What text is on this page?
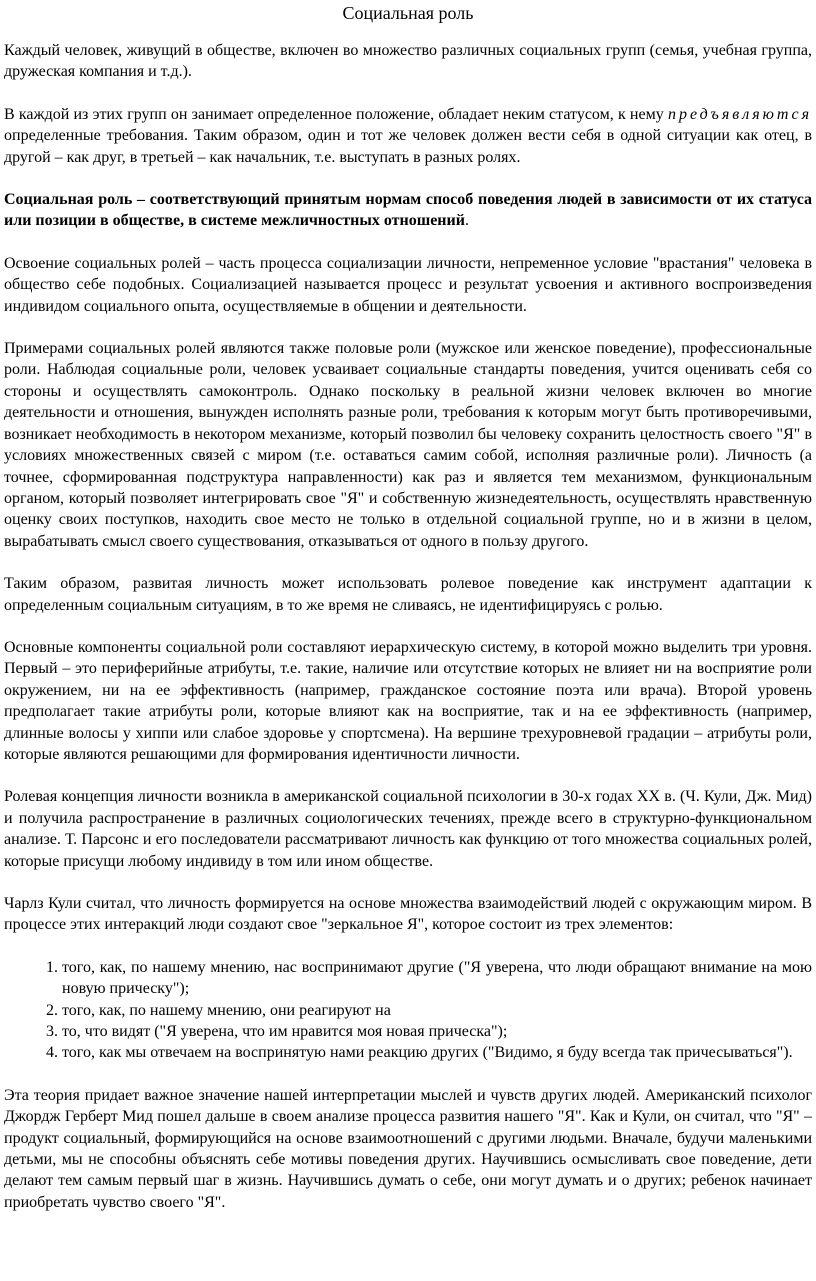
Социальная роль

Каждый человек, живущий в обществе, включен во множество различных социальных групп (семья, учебная группа, дружеская компания и т.д.).

В каждой из этих групп он занимает определенное положение, обладает неким статусом, к нему предъявляются определенные требования. Таким образом, один и тот же человек должен вести себя в одной ситуации как отец, в другой – как друг, в третьей – как начальник, т.е. выступать в разных ролях.

Социальная роль – соответствующий принятым нормам способ поведения людей в зависимости от их статуса или позиции в обществе, в системе межличностных отношений.

Освоение социальных ролей – часть процесса социализации личности, непременное условие "врастания" человека в общество себе подобных. Социализацией называется процесс и результат усвоения и активного воспроизведения индивидом социального опыта, осуществляемые в общении и деятельности.

Примерами социальных ролей являются также половые роли (мужское или женское поведение), профессиональные роли. Наблюдая социальные роли, человек усваивает социальные стандарты поведения, учится оценивать себя со стороны и осуществлять самоконтроль. Однако поскольку в реальной жизни человек включен во многие деятельности и отношения, вынужден исполнять разные роли, требования к которым могут быть противоречивыми, возникает необходимость в некотором механизме, который позволил бы человеку сохранить целостность своего "Я" в условиях множественных связей с миром (т.е. оставаться самим собой, исполняя различные роли). Личность (а точнее, сформированная подструктура направленности) как раз и является тем механизмом, функциональным органом, который позволяет интегрировать свое "Я" и собственную жизнедеятельность, осуществлять нравственную оценку своих поступков, находить свое место не только в отдельной социальной группе, но и в жизни в целом, вырабатывать смысл своего существования, отказываться от одного в пользу другого.

Таким образом, развитая личность может использовать ролевое поведение как инструмент адаптации к определенным социальным ситуациям, в то же время не сливаясь, не идентифицируясь с ролью.

Основные компоненты социальной роли составляют иерархическую систему, в которой можно выделить три уровня. Первый – это периферийные атрибуты, т.е. такие, наличие или отсутствие которых не влияет ни на восприятие роли окружением, ни на ее эффективность (например, гражданское состояние поэта или врача). Второй уровень предполагает такие атрибуты роли, которые влияют как на восприятие, так и на ее эффективность (например, длинные волосы у хиппи или слабое здоровье у спортсмена). На вершине трехуровневой градации – атрибуты роли, которые являются решающими для формирования идентичности личности.

Ролевая концепция личности возникла в американской социальной психологии в 30-х годах XX в. (Ч. Кули, Дж. Мид) и получила распространение в различных социологических течениях, прежде всего в структурно-функциональном анализе. Т. Парсонс и его последователи рассматривают личность как функцию от того множества социальных ролей, которые присущи любому индивиду в том или ином обществе.

Чарлз Кули считал, что личность формируется на основе множества взаимодействий людей с окружающим миром. В процессе этих интеракций люди создают свое "зеркальное Я", которое состоит из трех элементов:

1. того, как, по нашему мнению, нас воспринимают другие ("Я уверена, что люди обращают внимание на мою новую прическу");
2. того, как, по нашему мнению, они реагируют на
3. то, что видят ("Я уверена, что им нравится моя новая прическа");
4. того, как мы отвечаем на воспринятую нами реакцию других ("Видимо, я буду всегда так причесываться").

Эта теория придает важное значение нашей интерпретации мыслей и чувств других людей. Американский психолог Джордж Герберт Мид пошел дальше в своем анализе процесса развития нашего "Я". Как и Кули, он считал, что "Я" – продукт социальный, формирующийся на основе взаимоотношений с другими людьми. Вначале, будучи маленькими детьми, мы не способны объяснять себе мотивы поведения других. Научившись осмысливать свое поведение, дети делают тем самым первый шаг в жизнь. Научившись думать о себе, они могут думать и о других; ребенок начинает приобретать чувство своего "Я".
